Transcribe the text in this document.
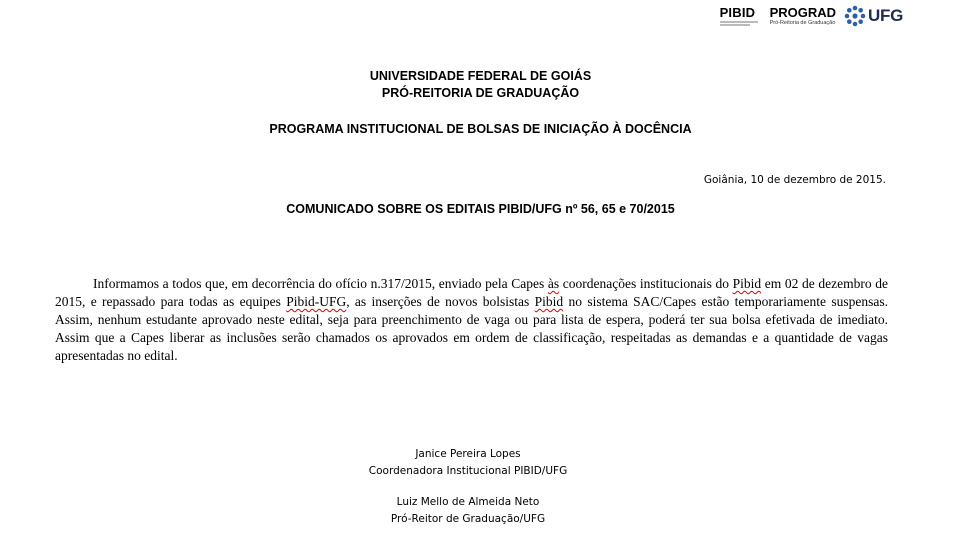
PIBID PROGRAD
Pró-Reitoria de Graduação UFG

UNIVERSIDADE FEDERAL DE GOIÁS

PRÓ-REITORIA DE GRADUAÇÃO

PROGRAMA INSTITUCIONAL DE BOLSAS DE INICIAÇÃO À DOCÊNCIA

Goiânia, 10 de dezembro de 2015.

COMUNICADO SOBRE OS EDITAIS PIBID/UFG nº 56, 65 e 70/2015

Informamos a todos que, em decorrência do ofício n.317/2015, enviado pela Capes às coordenações institucionais do Pibid em 02 de dezembro de 2015, e repassado para todas as equipes Pibid-UFG, as inserções de novos bolsistas Pibid no sistema SAC/Capes estão temporariamente suspensas. Assim, nenhum estudante aprovado neste edital, seja para preenchimento de vaga ou para lista de espera, poderá ter sua bolsa efetivada de imediato. Assim que a Capes liberar as inclusões serão chamados os aprovados em ordem de classificação, respeitadas as demandas e a quantidade de vagas apresentadas no edital.

Janice Pereira Lopes
Coordenadora Institucional PIBID/UFG
Luiz Mello de Almeida Neto
Pró-Reitor de Graduação/UFG
